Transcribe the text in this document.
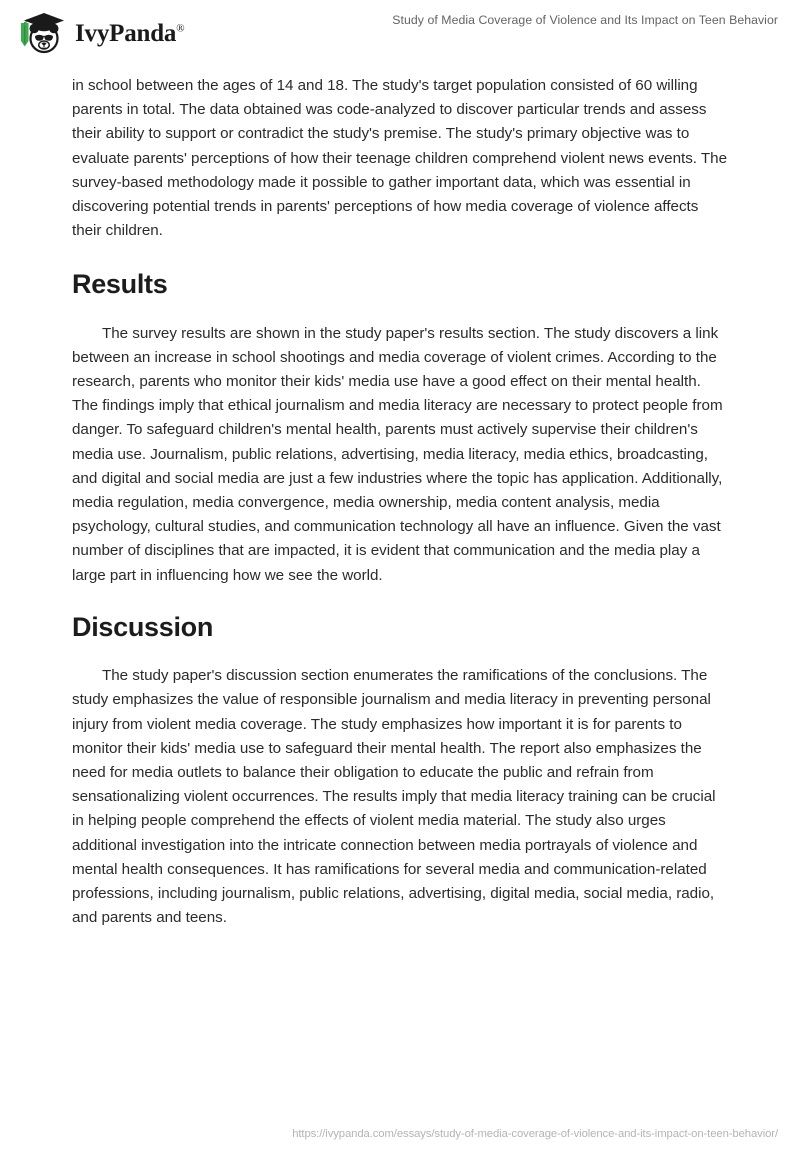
IvyPanda®
Study of Media Coverage of Violence and Its Impact on Teen Behavior

in school between the ages of 14 and 18. The study's target population consisted of 60 willing parents in total. The data obtained was code-analyzed to discover particular trends and assess their ability to support or contradict the study's premise. The study's primary objective was to evaluate parents' perceptions of how their teenage children comprehend violent news events. The survey-based methodology made it possible to gather important data, which was essential in discovering potential trends in parents' perceptions of how media coverage of violence affects their children.

Results

The survey results are shown in the study paper's results section. The study discovers a link between an increase in school shootings and media coverage of violent crimes. According to the research, parents who monitor their kids' media use have a good effect on their mental health. The findings imply that ethical journalism and media literacy are necessary to protect people from danger. To safeguard children's mental health, parents must actively supervise their children's media use. Journalism, public relations, advertising, media literacy, media ethics, broadcasting, and digital and social media are just a few industries where the topic has application. Additionally, media regulation, media convergence, media ownership, media content analysis, media psychology, cultural studies, and communication technology all have an influence. Given the vast number of disciplines that are impacted, it is evident that communication and the media play a large part in influencing how we see the world.

Discussion

The study paper's discussion section enumerates the ramifications of the conclusions. The study emphasizes the value of responsible journalism and media literacy in preventing personal injury from violent media coverage. The study emphasizes how important it is for parents to monitor their kids' media use to safeguard their mental health. The report also emphasizes the need for media outlets to balance their obligation to educate the public and refrain from sensationalizing violent occurrences. The results imply that media literacy training can be crucial in helping people comprehend the effects of violent media material. The study also urges additional investigation into the intricate connection between media portrayals of violence and mental health consequences. It has ramifications for several media and communication-related professions, including journalism, public relations, advertising, digital media, social media, radio, and parents and teens.

https://ivypanda.com/essays/study-of-media-coverage-of-violence-and-its-impact-on-teen-behavior/
